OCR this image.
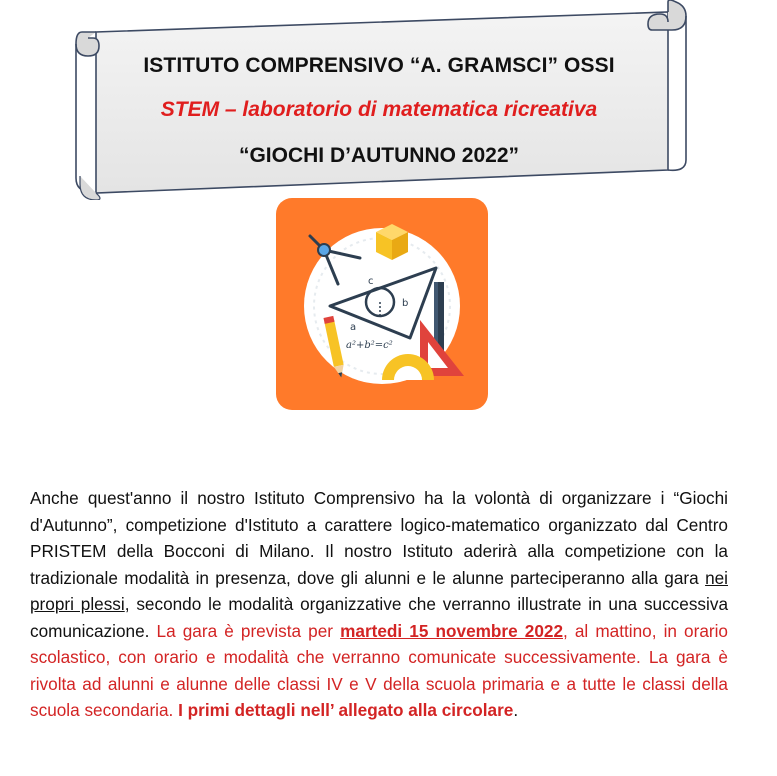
ISTITUTO COMPRENSIVO “A. GRAMSCI” OSSI
STEM – laboratorio di matematica ricreativa
“GIOCHI D’AUTUNNO 2022”
c
b
a
a²+b²=c²
Anche quest'anno il nostro Istituto Comprensivo ha la volontà di organizzare i “Giochi d'Autunno”, competizione d'Istituto a carattere logico-matematico organizzato dal Centro PRISTEM della Bocconi di Milano. Il nostro Istituto aderirà alla competizione con la tradizionale modalità in presenza, dove gli alunni e le alunne parteciperanno alla gara nei propri plessi, secondo le modalità organizzative che verranno illustrate in una successiva comunicazione. La gara è prevista per martedi 15 novembre 2022, al mattino, in orario scolastico, con orario e modalità che verranno comunicate successivamente. La gara è rivolta ad alunni e alunne delle classi IV e V della scuola primaria e a tutte le classi della scuola secondaria. I primi dettagli nell’ allegato alla circolare.
